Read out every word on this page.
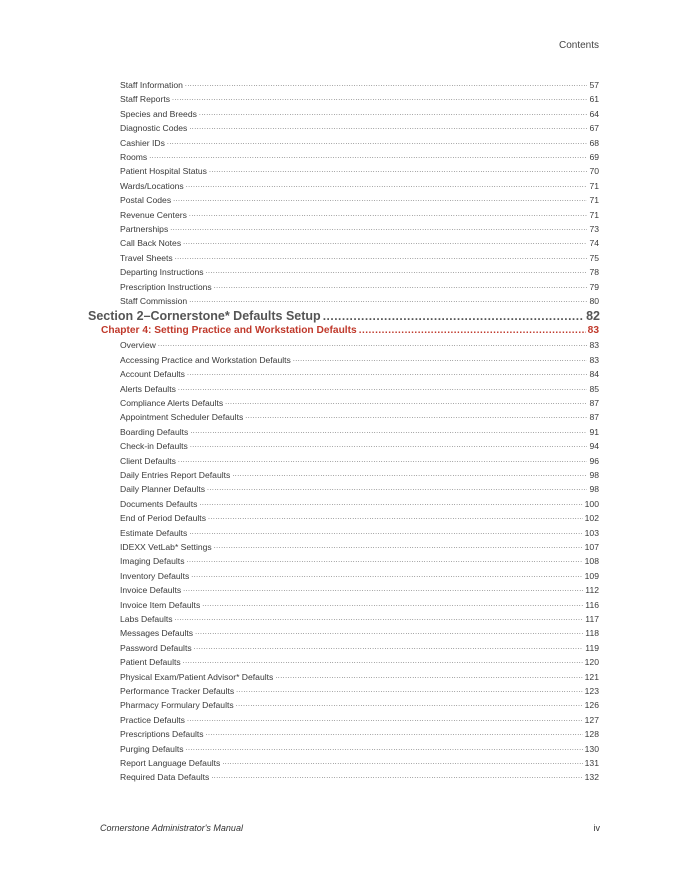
Contents
Staff Information .....	57
Staff Reports .....	61
Species and Breeds .....	64
Diagnostic Codes .....	67
Cashier IDs .....	68
Rooms .....	69
Patient Hospital Status .....	70
Wards/Locations .....	71
Postal Codes .....	71
Revenue Centers .....	71
Partnerships .....	73
Call Back Notes .....	74
Travel Sheets .....	75
Departing Instructions .....	78
Prescription Instructions .....	79
Staff Commission .....	80
Section 2–Cornerstone* Defaults Setup .....	82
Chapter 4: Setting Practice and Workstation Defaults .....	83
Overview .....	83
Accessing Practice and Workstation Defaults .....	83
Account Defaults .....	84
Alerts Defaults .....	85
Compliance Alerts Defaults .....	87
Appointment Scheduler Defaults .....	87
Boarding Defaults .....	91
Check-in Defaults .....	94
Client Defaults .....	96
Daily Entries Report Defaults .....	98
Daily Planner Defaults .....	98
Documents Defaults .....	100
End of Period Defaults .....	102
Estimate Defaults .....	103
IDEXX VetLab* Settings .....	107
Imaging Defaults .....	108
Inventory Defaults .....	109
Invoice Defaults .....	112
Invoice Item Defaults .....	116
Labs Defaults .....	117
Messages Defaults .....	118
Password Defaults .....	119
Patient Defaults .....	120
Physical Exam/Patient Advisor* Defaults .....	121
Performance Tracker Defaults .....	123
Pharmacy Formulary Defaults .....	126
Practice Defaults .....	127
Prescriptions Defaults .....	128
Purging Defaults .....	130
Report Language Defaults .....	131
Required Data Defaults .....	132
Cornerstone Administrator's Manual	iv
